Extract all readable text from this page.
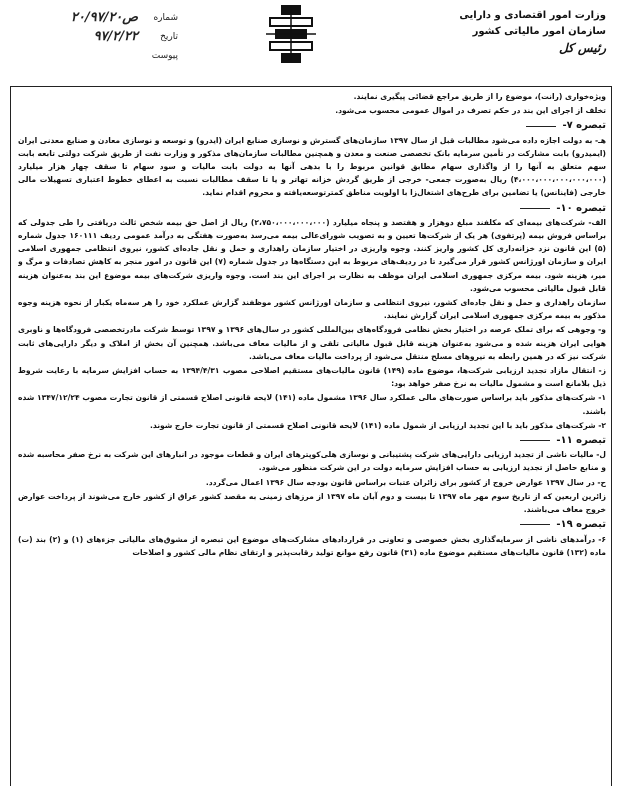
وزارت امور اقتصادی و دارایی
سازمان امور مالیاتی کشور
رئیس کل
شماره
۲۰/۹۷/۲۰ص
تاریخ
۹۷/۲/۲۲
پیوست

ویژه‌خواری (رانت)، موضوع را از طریق مراجع قضائی پیگیری نمایند.

تخلف از اجرای این بند در حکم تصرف در اموال عمومی محسوب می‌شود.

تبصره ۷-

هـ- به دولت اجازه داده می‌شود مطالبات قبل از سال ۱۳۹۷ سازمان‌های گسترش و نوسازی صنایع ایران (ایدرو) و توسعه و نوسازی معادن و صنایع معدنی ایران (ایمیدرو) بابت مشارکت در تأمین سرمایه بانک تخصصی صنعت و معدن و همچنین مطالبات سازمان‌های مذکور و وزارت نفت از طریق شرکت دولتی تابعه بابت سهم متعلق به آنها را از واگذاری سهام مطابق قوانین مربوط را با بدهی آنها به دولت بابت مالیات و سود سهام تا سقف چهار هزار میلیارد (۴،۰۰۰،۰۰۰،۰۰۰،۰۰۰،۰۰۰) ریال به‌صورت جمعی- خرجی از طریق گردش خزانه تهاتر و یا تا سقف مطالبات نسبت به اعطای خطوط اعتباری تسهیلات مالی خارجی (فاینانس) یا تضامین برای طرح‌های اشتغال‌زا با اولویت مناطق کمترتوسعه‌یافته و محروم اقدام نماید.

تبصره ۱۰-

الف- شرکت‌های بیمه‌ای که مکلفند مبلغ دوهزار و هفتصد و پنجاه میلیارد (۲،۷۵۰،۰۰۰،۰۰۰،۰۰۰) ریال از اصل حق بیمه شخص ثالث دریافتی را طی جدولی که براساس فروش بیمه (پرتفوی) هر یک از شرکت‌ها تعیین و به تصویب شورای‌عالی بیمه می‌رسد به‌صورت هفتگی به درآمد عمومی ردیف ۱۶۰۱۱۱ جدول شماره (۵) این قانون نزد خزانه‌داری کل کشور واریز کنند. وجوه واریزی در اختیار سازمان راهداری و حمل و نقل جاده‌ای کشور، نیروی انتظامی جمهوری اسلامی ایران و سازمان اورژانس کشور قرار می‌گیرد تا در ردیف‌های مربوط به این دستگاه‌ها در جدول شماره (۷) این قانون در امور منجر به کاهش تصادفات و مرگ و میر، هزینه شود. بیمه مرکزی جمهوری اسلامی ایران موظف به نظارت بر اجرای این بند است. وجوه واریزی شرکت‌های بیمه موضوع این بند به‌عنوان هزینه قابل قبول مالیاتی محسوب می‌شود.

سازمان راهداری و حمل و نقل جاده‌ای کشور، نیروی انتظامی و سازمان اورژانس کشور موظفند گزارش عملکرد خود را هر سه‌ماه یکبار از نحوه هزینه وجوه مذکور به بیمه مرکزی جمهوری اسلامی ایران گزارش نمایند.

و- وجوهی که برای تملک عرصه در اختیار بخش نظامی فرودگاه‌های بین‌المللی کشور در سال‌های ۱۳۹۶ و ۱۳۹۷ توسط شرکت مادرتخصصی فرودگاه‌ها و ناوبری هوایی ایران هزینه شده و می‌شود به‌عنوان هزینه قابل قبول مالیاتی تلقی و از مالیات معاف می‌باشد. همچنین آن بخش از املاک و دیگر دارایی‌های ثابت شرکت نیز که در همین رابطه به نیروهای مسلح منتقل می‌شود از پرداخت مالیات معاف می‌باشد.

ز- انتقال مازاد تجدید ارزیابی شرکت‌ها، موضوع ماده (۱۴۹) قانون مالیات‌های مستقیم اصلاحی مصوب ۱۳۹۴/۴/۳۱ به حساب افزایش سرمایه با رعایت شروط ذیل بلامانع است و مشمول مالیات به نرخ صفر خواهد بود:

۱- شرکت‌های مذکور باید براساس صورت‌های مالی عملکرد سال ۱۳۹۶ مشمول ماده (۱۴۱) لایحه قانونی اصلاح قسمتی از قانون تجارت مصوب ۱۳۴۷/۱۲/۲۴ شده باشند.

۲- شرکت‌های مذکور باید با این تجدید ارزیابی از شمول ماده (۱۴۱) لایحه قانونی اصلاح قسمتی از قانون تجارت خارج شوند.

تبصره ۱۱-

ل- مالیات ناشی از تجدید ارزیابی دارایی‌های شرکت پشتیبانی و نوسازی هلی‌کوپترهای ایران و قطعات موجود در انبارهای این شرکت به نرخ صفر محاسبه شده و منابع حاصل از تجدید ارزیابی به حساب افزایش سرمایه دولت در این شرکت منظور می‌شود.

ح- در سال ۱۳۹۷ عوارض خروج از کشور برای زائران عتبات براساس قانون بودجه سال ۱۳۹۶ اعمال می‌گردد.

زائرین اربعین که از تاریخ سوم مهر ماه ۱۳۹۷ تا بیست و دوم آبان ماه ۱۳۹۷ از مرزهای زمینی به مقصد کشور عراق از کشور خارج می‌شوند از پرداخت عوارض خروج معاف می‌باشند.

تبصره ۱۹-

۶- درآمدهای ناشی از سرمایه‌گذاری بخش خصوصی و تعاونی در قراردادهای مشارکت‌های موضوع این تبصره از مشوق‌های مالیاتی جزءهای (۱) و (۲) بند (ت) ماده (۱۳۲) قانون مالیات‌های مستقیم موضوع ماده (۳۱) قانون رفع موانع تولید رقابت‌پذیر و ارتقای نظام مالی کشور و اصلاحات
